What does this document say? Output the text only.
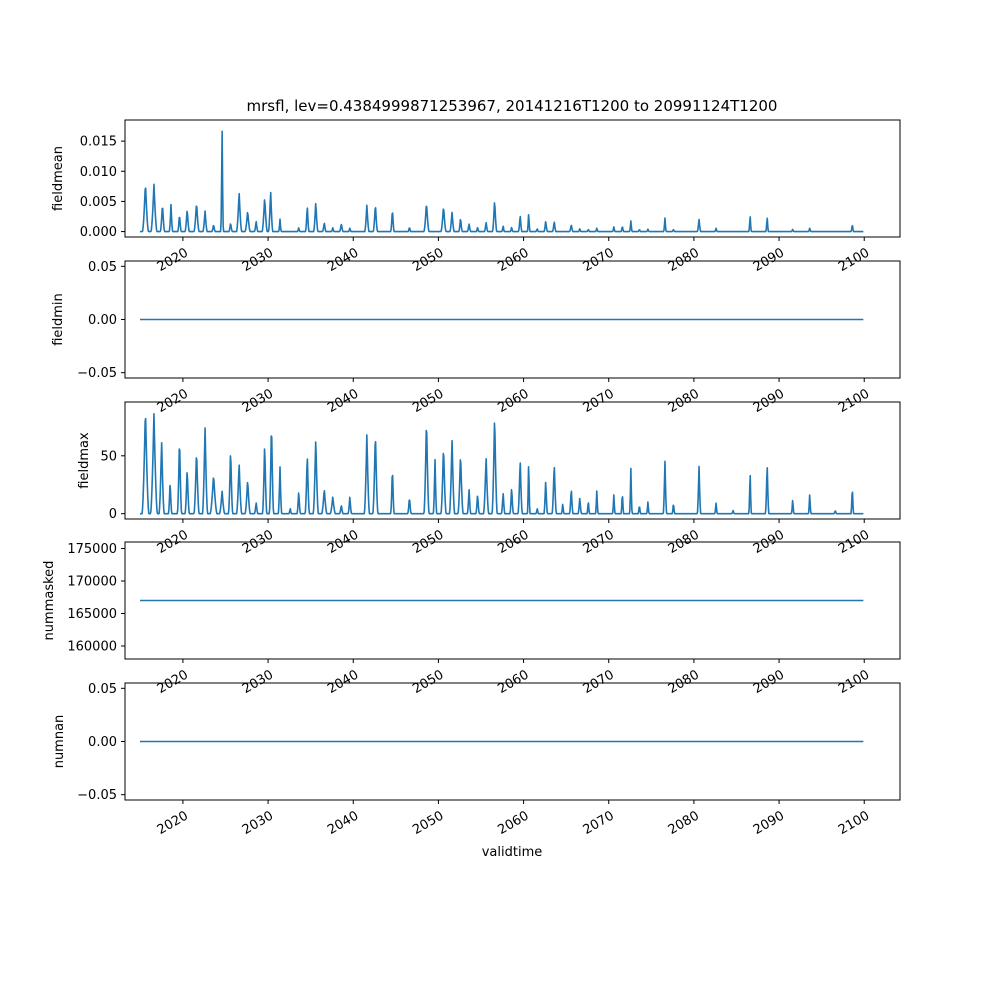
mrsfl, lev=0.4384999871253967, 20141216T1200 to 20991124T1200
0.000
0.005
0.010
0.015
2020	2030	2040	2050	2060	2070	2080	2090	2100
fieldmean
−0.05
0.00
0.05
2020	2030	2040	2050	2060	2070	2080	2090	2100
fieldmin
0
50
2020	2030	2040	2050	2060	2070	2080	2090	2100
fieldmax
160000
165000
170000
175000
2020	2030	2040	2050	2060	2070	2080	2090	2100
nummasked
−0.05
0.00
0.05
2020	2030	2040	2050	2060	2070	2080	2090	2100
numnan
validtime
